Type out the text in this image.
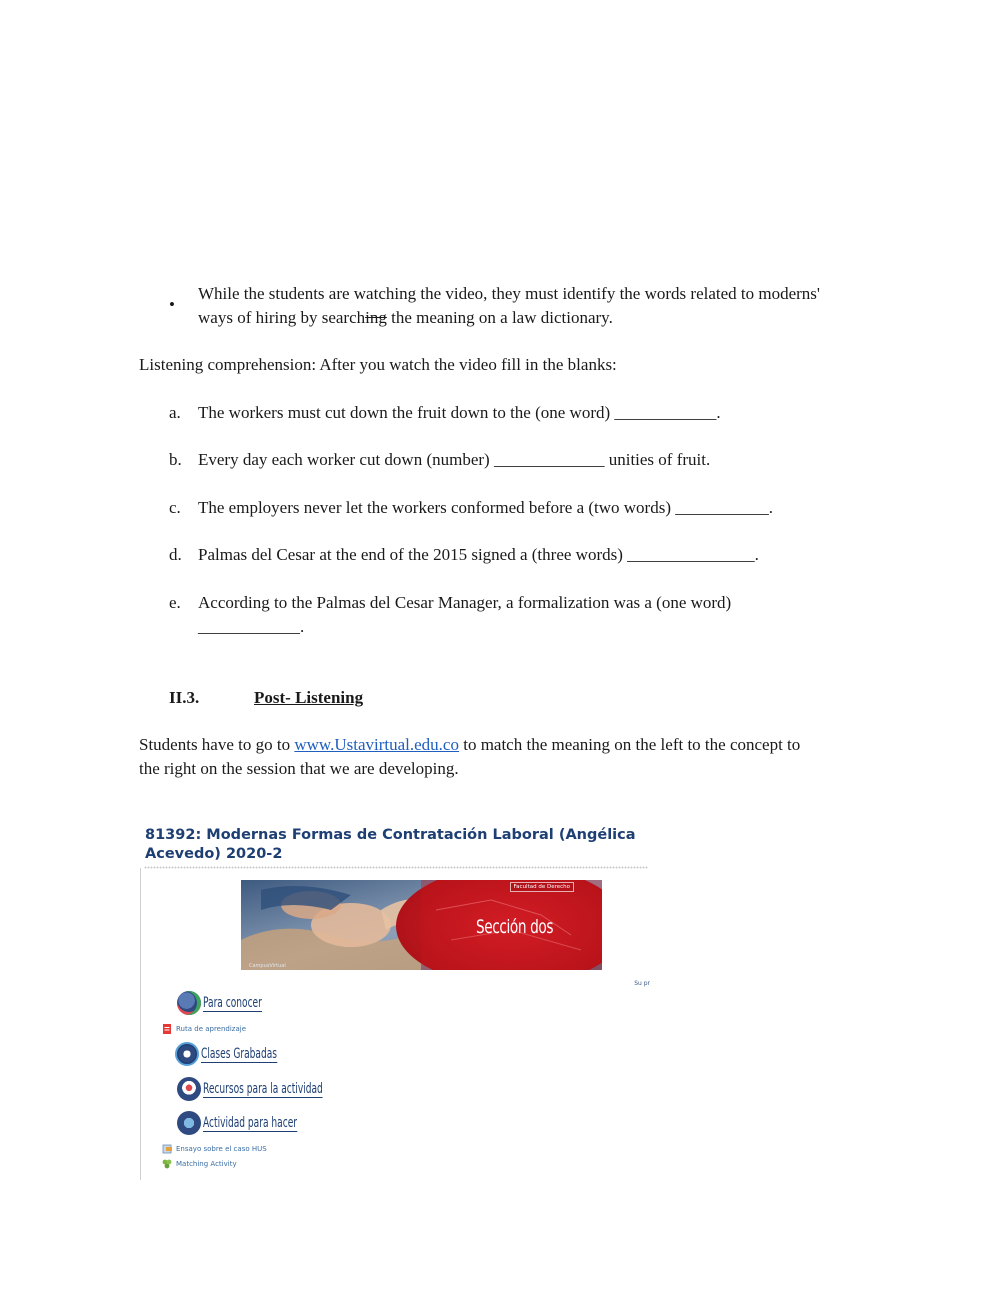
•
While the students are watching the video, they must identify the words related to moderns'
ways of hiring by searching the meaning on a law dictionary.
Listening comprehension: After you watch the video fill in the blanks:
a. The workers must cut down the fruit down to the (one word) ____________.
b. Every day each worker cut down (number) _____________ unities of fruit.
c. The employers never let the workers conformed before a (two words) ___________.
d. Palmas del Cesar at the end of the 2015 signed a (three words) _______________.
e. According to the Palmas del Cesar Manager, a formalization was a (one word)
____________.
II.3.	Post- Listening
Students have to go to www.Ustavirtual.edu.co to match the meaning on the left to the concept to
the right on the session that we are developing.
81392: Modernas Formas de Contratación Laboral (Angélica Acevedo) 2020-2
Facultad de Derecho
Sección dos
CampusVirtual
Su pr
Para conocer
Ruta de aprendizaje
Clases Grabadas
Recursos para la actividad
Actividad para hacer
Ensayo sobre el caso HUS
Matching Activity
